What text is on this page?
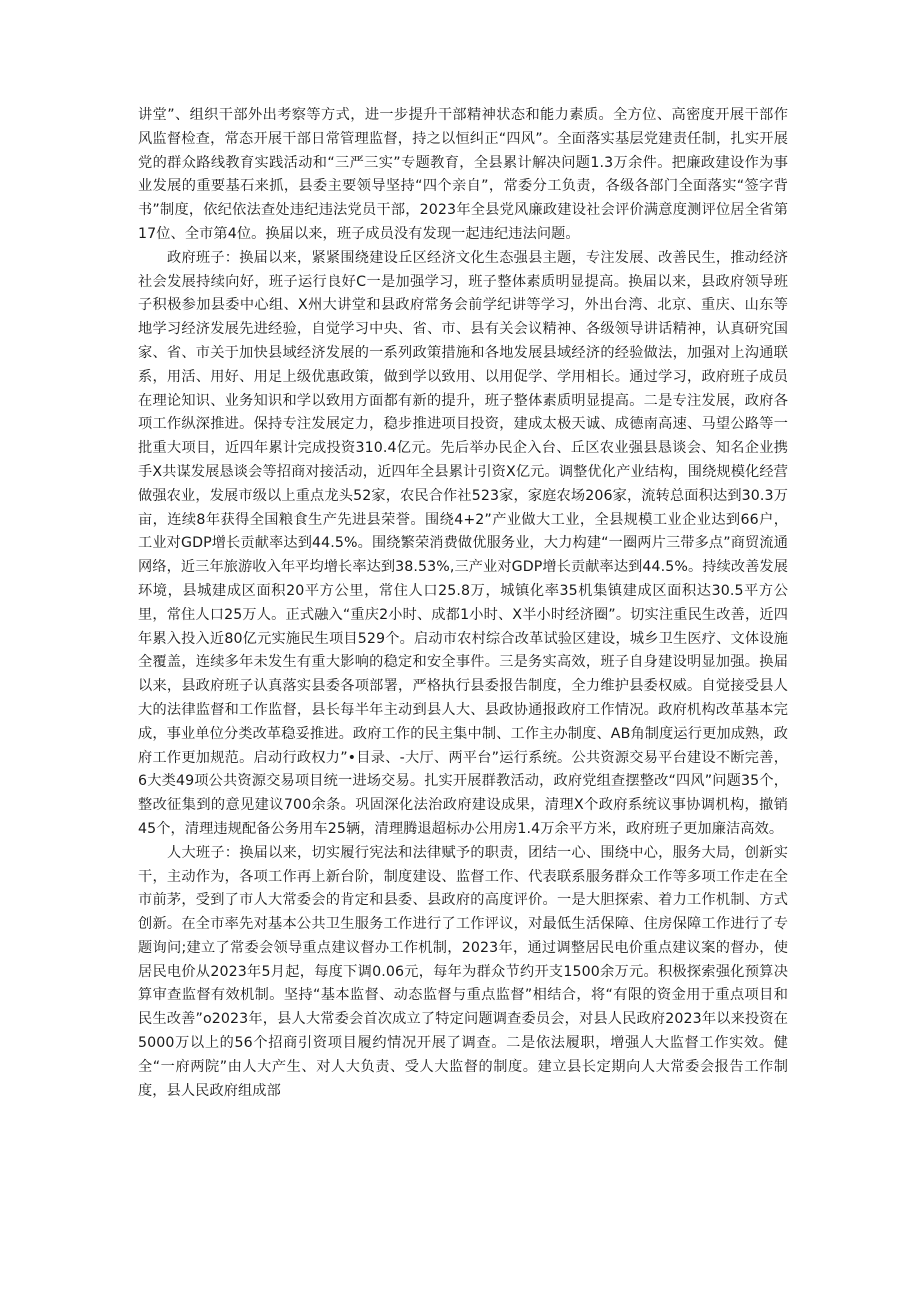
讲堂”、组织干部外出考察等方式，进一步提升干部精神状态和能力素质。全方位、高密度开展干部作风监督检查，常态开展干部日常管理监督，持之以恒纠正“四风”。全面落实基层党建责任制，扎实开展党的群众路线教育实践活动和“三严三实”专题教育，全县累计解决问题1.3万余件。把廉政建设作为事业发展的重要基石来抓，县委主要领导坚持“四个亲自”，常委分工负责，各级各部门全面落实“签字背书”制度，依纪依法查处违纪违法党员干部，2023年全县党风廉政建设社会评价满意度测评位居全省第17位、全市第4位。换届以来，班子成员没有发现一起违纪违法问题。

政府班子：换届以来，紧紧围绕建设丘区经济文化生态强县主题，专注发展、改善民生，推动经济社会发展持续向好，班子运行良好C一是加强学习，班子整体素质明显提高。换届以来，县政府领导班子积极参加县委中心组、X州大讲堂和县政府常务会前学纪讲等学习，外出台湾、北京、重庆、山东等地学习经济发展先进经验，自觉学习中央、省、市、县有关会议精神、各级领导讲话精神，认真研究国家、省、市关于加快县域经济发展的一系列政策措施和各地发展县域经济的经验做法，加强对上沟通联系，用活、用好、用足上级优惠政策，做到学以致用、以用促学、学用相长。通过学习，政府班子成员在理论知识、业务知识和学以致用方面都有新的提升，班子整体素质明显提高。二是专注发展，政府各项工作纵深推进。保持专注发展定力，稳步推进项目投资，建成太极天诚、成德南高速、马望公路等一批重大项目，近四年累计完成投资310.4亿元。先后举办民企入台、丘区农业强县恳谈会、知名企业携手X共谋发展恳谈会等招商对接活动，近四年全县累计引资X亿元。调整优化产业结构，围绕规模化经营做强农业，发展市级以上重点龙头52家，农民合作社523家，家庭农场206家，流转总面积达到30.3万亩，连续8年获得全国粮食生产先进县荣誉。围绕4+2”产业做大工业，全县规模工业企业达到66户，工业对GDP增长贡献率达到44.5%。围绕繁荣消费做优服务业，大力构建“一圈两片三带多点”商贸流通网络，近三年旅游收入年平均增长率达到38.53%,三产业对GDP增长贡献率达到44.5%。持续改善发展环境，县城建成区面积20平方公里，常住人口25.8万，城镇化率35机集镇建成区面积达30.5平方公里，常住人口25万人。正式融入“重庆2小时、成都1小时、X半小时经济圈”。切实注重民生改善，近四年累入投入近80亿元实施民生项目529个。启动市农村综合改革试验区建设，城乡卫生医疗、文体设施全覆盖，连续多年未发生有重大影响的稳定和安全事件。三是务实高效，班子自身建设明显加强。换届以来，县政府班子认真落实县委各项部署，严格执行县委报告制度，全力维护县委权威。自觉接受县人大的法律监督和工作监督，县长每半年主动到县人大、县政协通报政府工作情况。政府机构改革基本完成，事业单位分类改革稳妥推进。政府工作的民主集中制、工作主办制度、AB角制度运行更加成熟，政府工作更加规范。启动行政权力”•目录、-大厅、两平台”运行系统。公共资源交易平台建设不断完善，6大类49项公共资源交易项目统一进场交易。扎实开展群教活动，政府党组查摆整改“四风”问题35个，整改征集到的意见建议700余条。巩固深化法治政府建设成果，清理X个政府系统议事协调机构，撤销45个，清理违规配备公务用车25辆，清理腾退超标办公用房1.4万余平方米，政府班子更加廉洁高效。

人大班子：换届以来，切实履行宪法和法律赋予的职责，团结一心、围绕中心，服务大局，创新实干，主动作为，各项工作再上新台阶，制度建设、监督工作、代表联系服务群众工作等多项工作走在全市前茅，受到了市人大常委会的肯定和县委、县政府的高度评价。一是大胆探索、着力工作机制、方式创新。在全市率先对基本公共卫生服务工作进行了工作评议，对最低生活保障、住房保障工作进行了专题询问;建立了常委会领导重点建议督办工作机制，2023年，通过调整居民电价重点建议案的督办，使居民电价从2023年5月起，每度下调0.06元，每年为群众节约开支1500余万元。积极探索强化预算决算审查监督有效机制。坚持“基本监督、动态监督与重点监督”相结合，将“有限的资金用于重点项目和民生改善”o2023年，县人大常委会首次成立了特定问题调查委员会，对县人民政府2023年以来投资在5000万以上的56个招商引资项目履约情况开展了调查。二是依法履职，增强人大监督工作实效。健全“一府两院”由人大产生、对人大负责、受人大监督的制度。建立县长定期向人大常委会报告工作制度，县人民政府组成部
